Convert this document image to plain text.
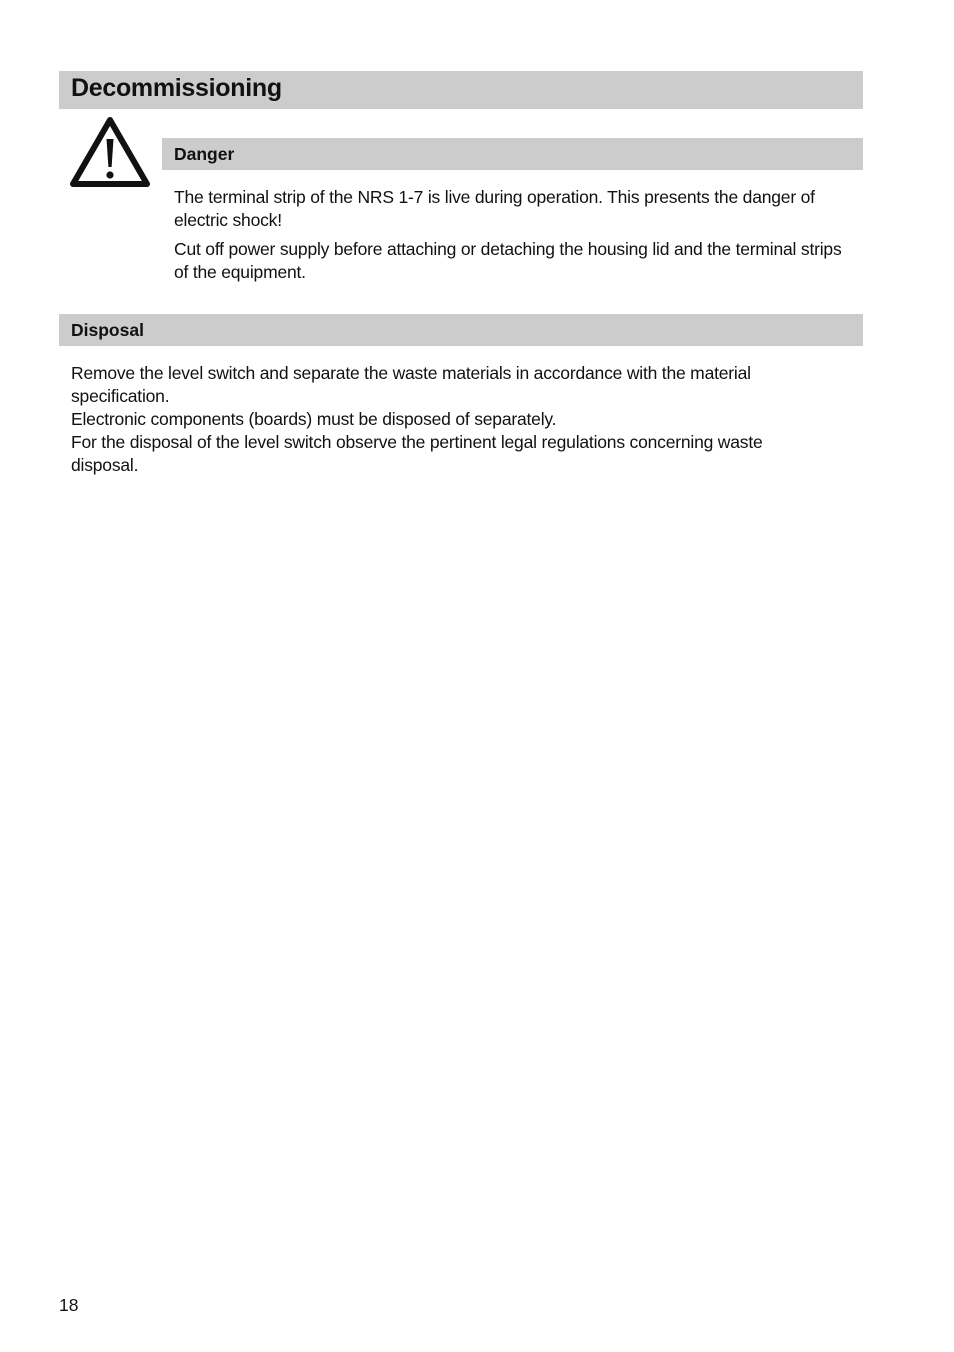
Decommissioning
Danger

The terminal strip of the NRS 1-7 is live during operation. This presents the danger of electric shock!

Cut off power supply before attaching or detaching the housing lid and the terminal strips of the equipment.

Disposal

Remove the level switch and separate the waste materials in accordance with the material specification.

Electronic components (boards) must be disposed of separately.

For the disposal of the level switch observe the pertinent legal regulations concerning waste disposal.

18
